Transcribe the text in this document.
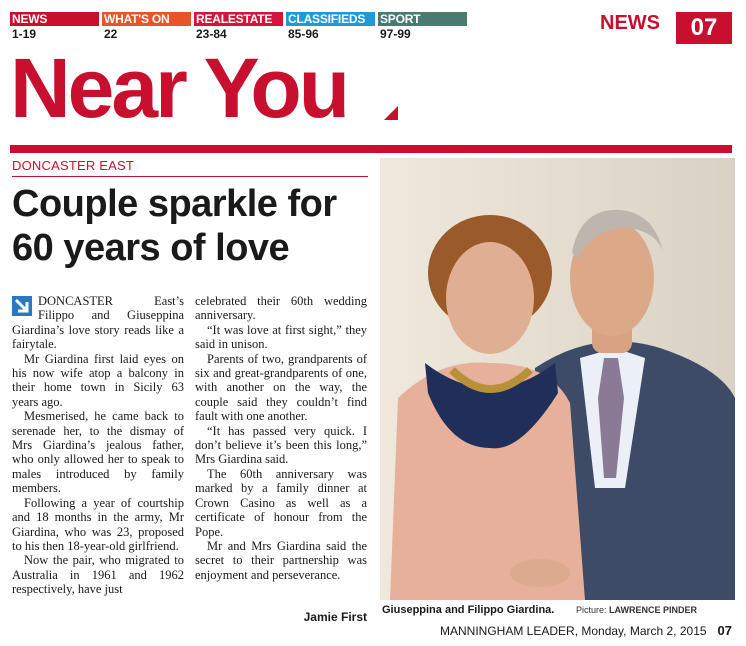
NEWS
1-19
WHAT'S ON
22
REALESTATE
23-84
CLASSIFIEDS
85-96
SPORT
97-99	NEWS	07
Near You
DONCASTER EAST
Couple sparkle for 60 years of love

DONCASTER East’s Filippo and Giuseppina Giardina’s love story reads like a fairytale.

Mr Giardina first laid eyes on his now wife atop a balcony in their home town in Sicily 63 years ago.

Mesmerised, he came back to serenade her, to the dismay of Mrs Giardina’s jealous father, who only allowed her to speak to males introduced by family members.

Following a year of courtship and 18 months in the army, Mr Giardina, who was 23, proposed to his then 18-year-old girlfriend.

Now the pair, who migrated to Australia in 1961 and 1962 respectively, have just

celebrated their 60th wedding anniversary.

“It was love at first sight,” they said in unison.

Parents of two, grandparents of six and great-grandparents of one, with another on the way, the couple said they couldn’t find fault with one another.

“It has passed very quick. I don’t believe it’s been this long,” Mrs Giardina said.

The 60th anniversary was marked by a family dinner at Crown Casino as well as a certificate of honour from the Pope.

Mr and Mrs Giardina said the secret to their partnership was enjoyment and perseverance.

Jamie First Giuseppina and Filippo Giardina. Picture: LAWRENCE PINDER
MANNINGHAM LEADER, Monday, March 2, 2015 07
